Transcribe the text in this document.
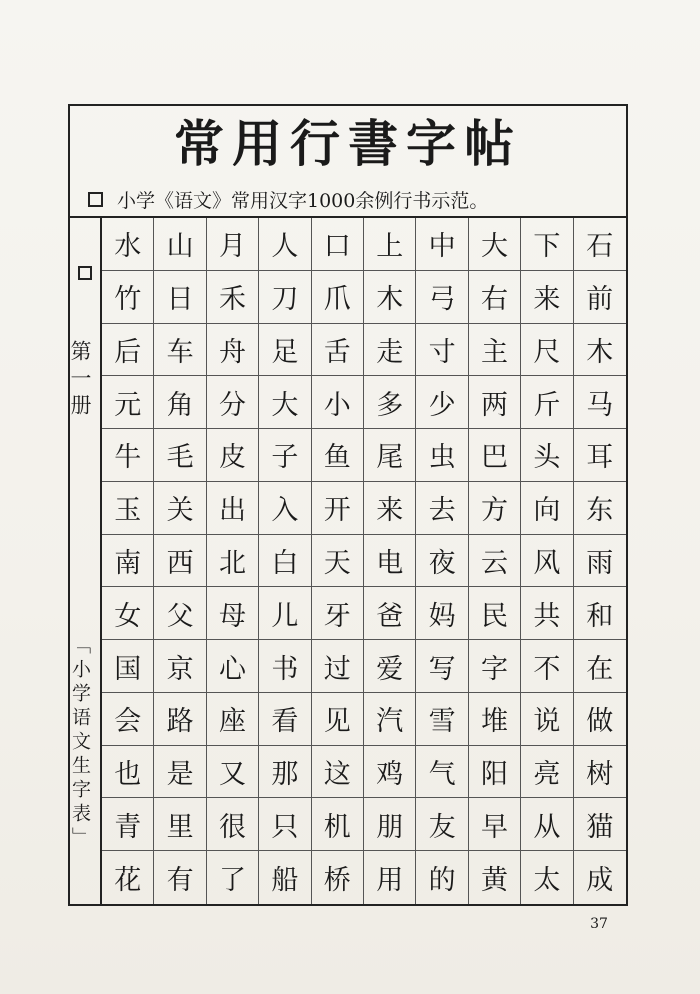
常用行書字帖
小学《语文》常用汉字1000余例行书示范。
第一册
「小学语文生字表」
水 山 月 人 口 上 中 大 下 石
竹 日 禾 刀 爪 木 弓 右 来 前
后 车 舟 足 舌 走 寸 主 尺 木
元 角 分 大 小 多 少 两 斤 马
牛 毛 皮 子 鱼 尾 虫 巴 头 耳
玉 关 出 入 开 来 去 方 向 东
南 西 北 白 天 电 夜 云 风 雨
女 父 母 儿 牙 爸 妈 民 共 和
国 京 心 书 过 爱 写 字 不 在
会 路 座 看 见 汽 雪 堆 说 做
也 是 又 那 这 鸡 气 阳 亮 树
青 里 很 只 机 朋 友 早 从 猫
花 有 了 船 桥 用 的 黄 太 成
37
